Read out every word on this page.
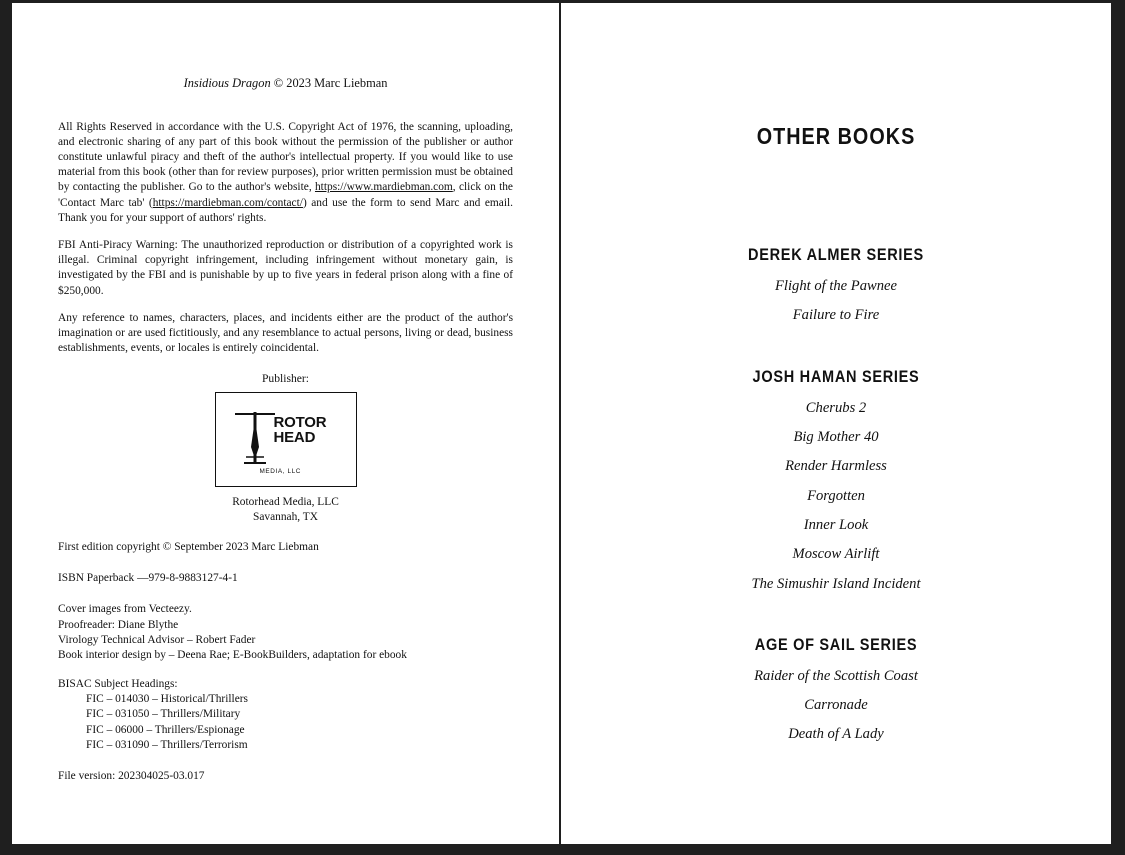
Insidious Dragon © 2023 Marc Liebman

All Rights Reserved in accordance with the U.S. Copyright Act of 1976, the scanning, uploading, and electronic sharing of any part of this book without the permission of the publisher or author constitute unlawful piracy and theft of the author's intellectual property. If you would like to use material from this book (other than for review purposes), prior written permission must be obtained by contacting the publisher. Go to the author's website, https://www.mardiebman.com, click on the 'Contact Marc tab' (https://mardiebman.com/contact/) and use the form to send Marc and email. Thank you for your support of authors' rights.

FBI Anti-Piracy Warning: The unauthorized reproduction or distribution of a copyrighted work is illegal. Criminal copyright infringement, including infringement without monetary gain, is investigated by the FBI and is punishable by up to five years in federal prison along with a fine of $250,000.

Any reference to names, characters, places, and incidents either are the product of the author's imagination or are used fictitiously, and any resemblance to actual persons, living or dead, business establishments, events, or locales is entirely coincidental.

Publisher:
ROTOR
HEAD
MEDIA, LLC
Rotorhead Media, LLC
Savannah, TX
First edition copyright © September 2023 Marc Liebman
ISBN Paperback —979-8-9883127-4-1
Cover images from Vecteezy.
Proofreader: Diane Blythe
Virology Technical Advisor – Robert Fader
Book interior design by – Deena Rae; E-BookBuilders, adaptation for ebook
BISAC Subject Headings:
FIC – 014030 – Historical/Thrillers
FIC – 031050 – Thrillers/Military
FIC – 06000 – Thrillers/Espionage
FIC – 031090 – Thrillers/Terrorism
File version: 202304025-03.017
OTHER BOOKS
DEREK ALMER SERIES
Flight of the Pawnee
Failure to Fire
JOSH HAMAN SERIES
Cherubs 2
Big Mother 40
Render Harmless
Forgotten
Inner Look
Moscow Airlift
The Simushir Island Incident
AGE OF SAIL SERIES
Raider of the Scottish Coast
Carronade
Death of A Lady
